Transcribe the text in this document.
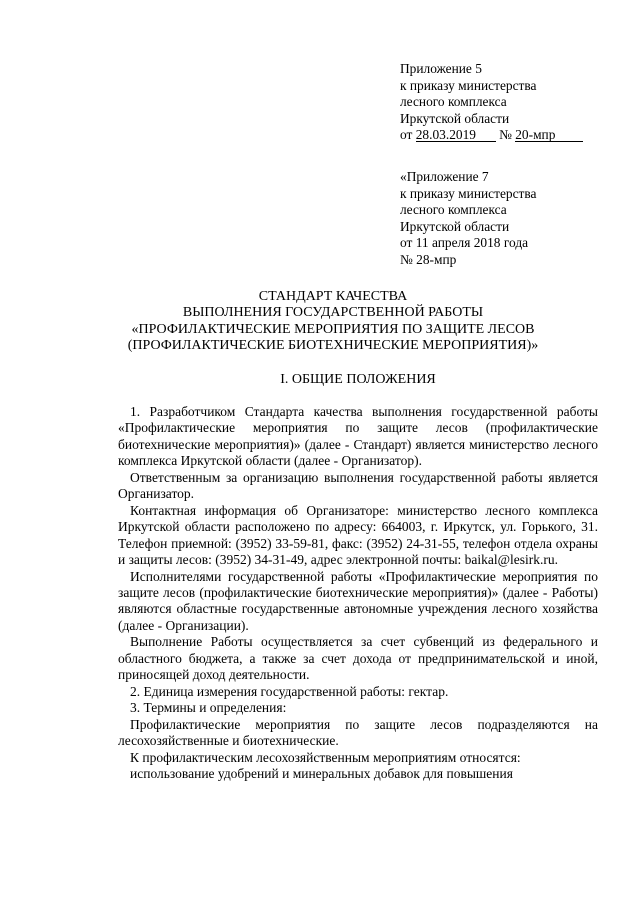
Приложение 5
к приказу министерства
лесного комплекса
Иркутской области
от 28.03.2019 № 20-мпр
«Приложение 7
к приказу министерства
лесного комплекса
Иркутской области
от 11 апреля 2018 года
№ 28-мпр
СТАНДАРТ КАЧЕСТВА
ВЫПОЛНЕНИЯ ГОСУДАРСТВЕННОЙ РАБОТЫ
«ПРОФИЛАКТИЧЕСКИЕ МЕРОПРИЯТИЯ ПО ЗАЩИТЕ ЛЕСОВ
(ПРОФИЛАКТИЧЕСКИЕ БИОТЕХНИЧЕСКИЕ МЕРОПРИЯТИЯ)»
I. ОБЩИЕ ПОЛОЖЕНИЯ

1. Разработчиком Стандарта качества выполнения государственной работы «Профилактические мероприятия по защите лесов (профилактические биотехнические мероприятия)» (далее - Стандарт) является министерство лесного комплекса Иркутской области (далее - Организатор).

Ответственным за организацию выполнения государственной работы является Организатор.

Контактная информация об Организаторе: министерство лесного комплекса Иркутской области расположено по адресу: 664003, г. Иркутск, ул. Горького, 31. Телефон приемной: (3952) 33-59-81, факс: (3952) 24-31-55, телефон отдела охраны и защиты лесов: (3952) 34-31-49, адрес электронной почты: baikal@lesirk.ru.

Исполнителями государственной работы «Профилактические мероприятия по защите лесов (профилактические биотехнические мероприятия)» (далее - Работы) являются областные государственные автономные учреждения лесного хозяйства (далее - Организации).

Выполнение Работы осуществляется за счет субвенций из федерального и областного бюджета, а также за счет дохода от предпринимательской и иной, приносящей доход деятельности.

2. Единица измерения государственной работы: гектар.

3. Термины и определения:

Профилактические мероприятия по защите лесов подразделяются на лесохозяйственные и биотехнические.

К профилактическим лесохозяйственным мероприятиям относятся:

использование удобрений и минеральных добавок для повышения
